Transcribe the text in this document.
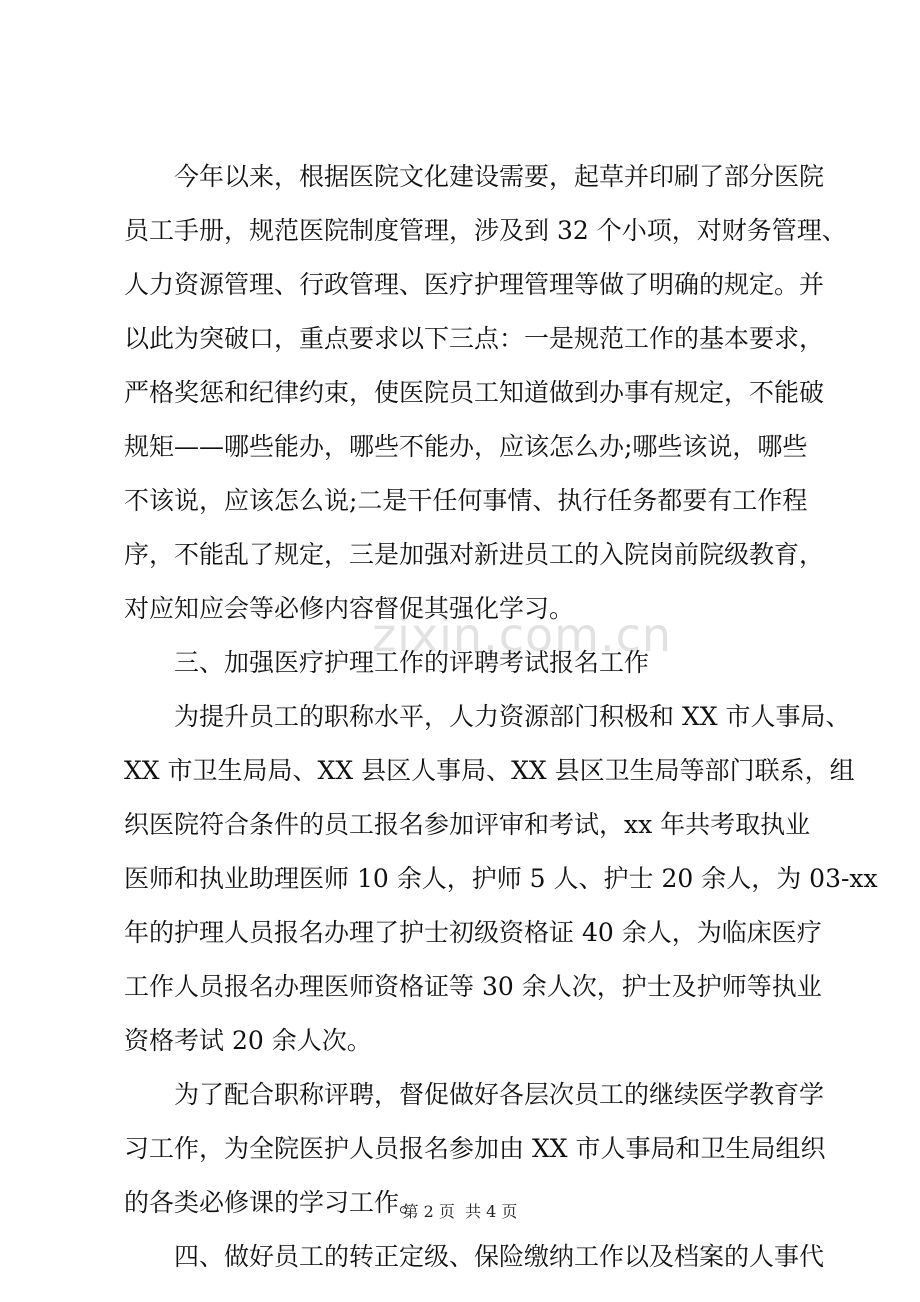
今年以来，根据医院文化建设需要，起草并印刷了部分医院
员工手册，规范医院制度管理，涉及到 32 个小项，对财务管理、
人力资源管理、行政管理、医疗护理管理等做了明确的规定。并
以此为突破口，重点要求以下三点：一是规范工作的基本要求，
严格奖惩和纪律约束，使医院员工知道做到办事有规定，不能破
规矩——哪些能办，哪些不能办，应该怎么办;哪些该说，哪些
不该说，应该怎么说;二是干任何事情、执行任务都要有工作程
序，不能乱了规定，三是加强对新进员工的入院岗前院级教育，
对应知应会等必修内容督促其强化学习。
三、加强医疗护理工作的评聘考试报名工作
为提升员工的职称水平，人力资源部门积极和 XX 市人事局、
XX 市卫生局局、XX 县区人事局、XX 县区卫生局等部门联系，组
织医院符合条件的员工报名参加评审和考试，xx 年共考取执业
医师和执业助理医师 10 余人，护师 5 人、护士 20 余人，为 03-xx
年的护理人员报名办理了护士初级资格证 40 余人，为临床医疗
工作人员报名办理医师资格证等 30 余人次，护士及护师等执业
资格考试 20 余人次。
为了配合职称评聘，督促做好各层次员工的继续医学教育学
习工作，为全院医护人员报名参加由 XX 市人事局和卫生局组织
的各类必修课的学习工作。
四、做好员工的转正定级、保险缴纳工作以及档案的人事代
zixin.com.cn
第 2 页  共 4 页
